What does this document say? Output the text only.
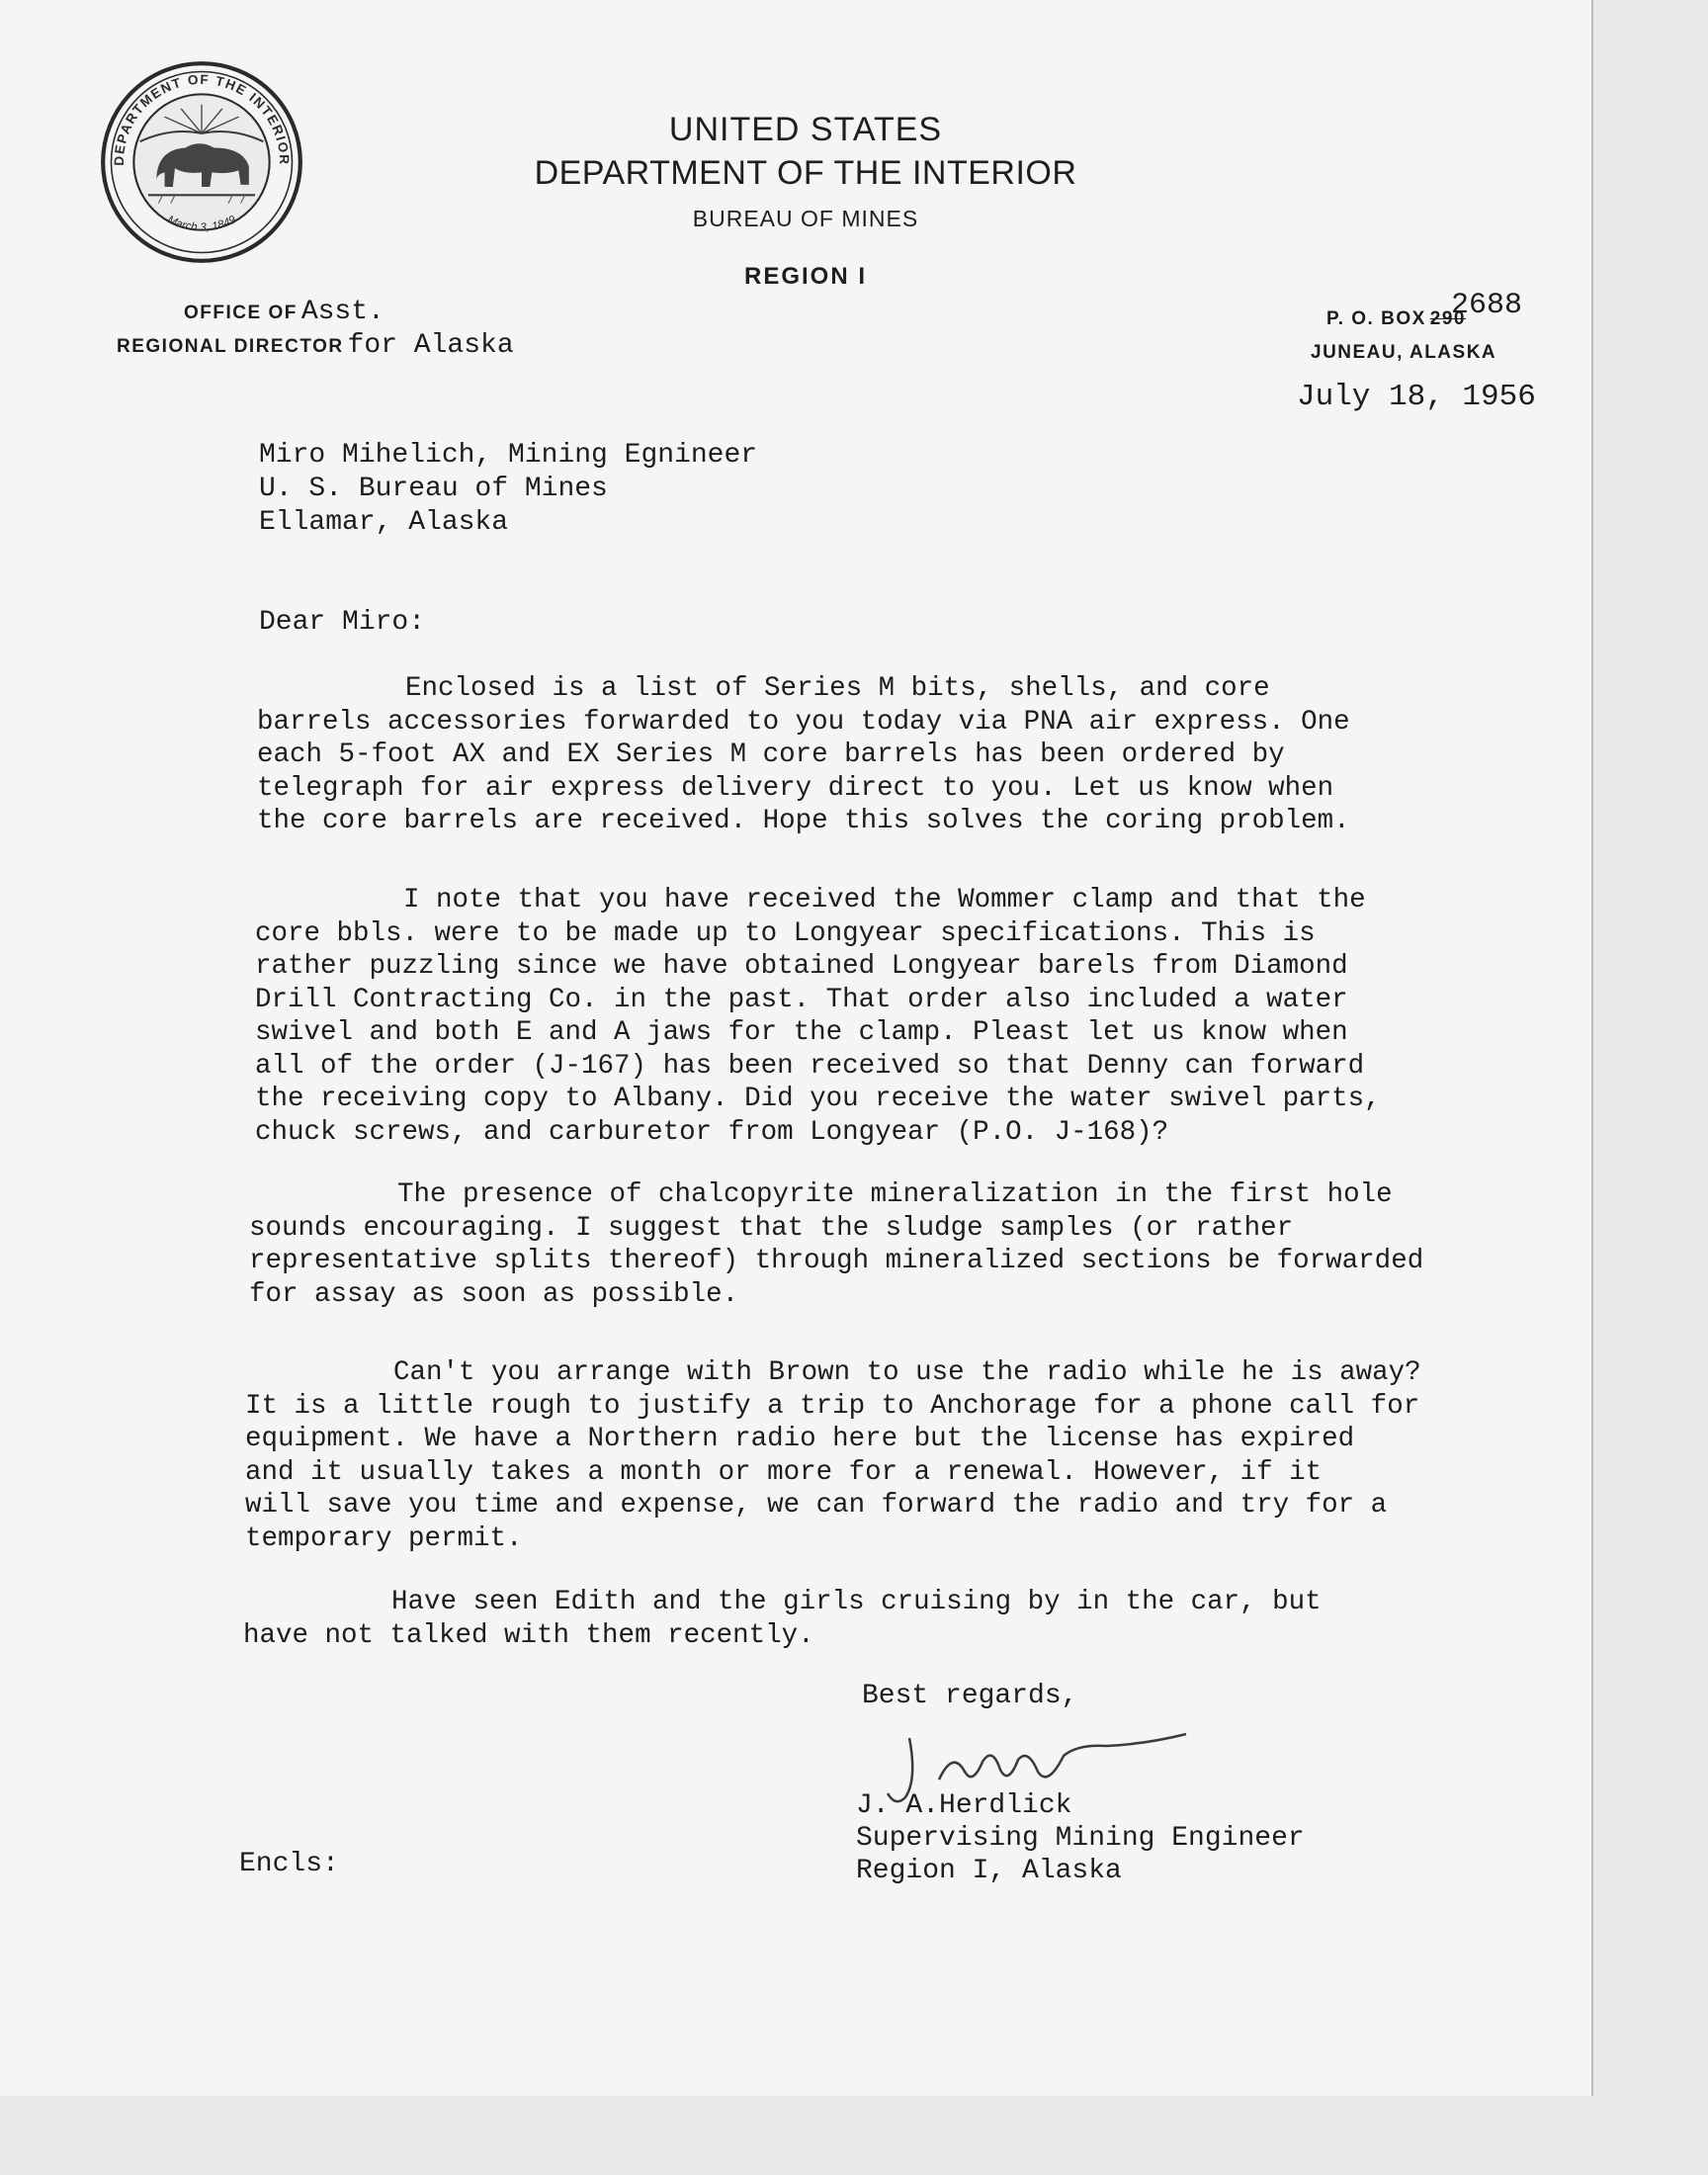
DEPARTMENT OF THE INTERIOR
March 3, 1849
UNITED STATES
DEPARTMENT OF THE INTERIOR
BUREAU OF MINES
REGION I
OFFICE OF Asst.
REGIONAL DIRECTOR for Alaska
P. O. BOX 290
2688
JUNEAU, ALASKA
July 18, 1956
Miro Mihelich, Mining Egnineer
U. S. Bureau of Mines
Ellamar, Alaska
Dear Miro:
Enclosed is a list of Series M bits, shells, and core
barrels accessories forwarded to you today via PNA air express. One
each 5-foot AX and EX Series M core barrels has been ordered by
telegraph for air express delivery direct to you. Let us know when
the core barrels are received. Hope this solves the coring problem.
I note that you have received the Wommer clamp and that the
core bbls. were to be made up to Longyear specifications. This is
rather puzzling since we have obtained Longyear barels from Diamond
Drill Contracting Co. in the past. That order also included a water
swivel and both E and A jaws for the clamp. Pleast let us know when
all of the order (J-167) has been received so that Denny can forward
the receiving copy to Albany. Did you receive the water swivel parts,
chuck screws, and carburetor from Longyear (P.O. J-168)?
The presence of chalcopyrite mineralization in the first hole
sounds encouraging. I suggest that the sludge samples (or rather
representative splits thereof) through mineralized sections be forwarded
for assay as soon as possible.
Can't you arrange with Brown to use the radio while he is away?
It is a little rough to justify a trip to Anchorage for a phone call for
equipment. We have a Northern radio here but the license has expired
and it usually takes a month or more for a renewal. However, if it
will save you time and expense, we can forward the radio and try for a
temporary permit.
Have seen Edith and the girls cruising by in the car, but
have not talked with them recently.
Best regards,
J. A.Herdlick
Supervising Mining Engineer
Region I, Alaska
Encls:
